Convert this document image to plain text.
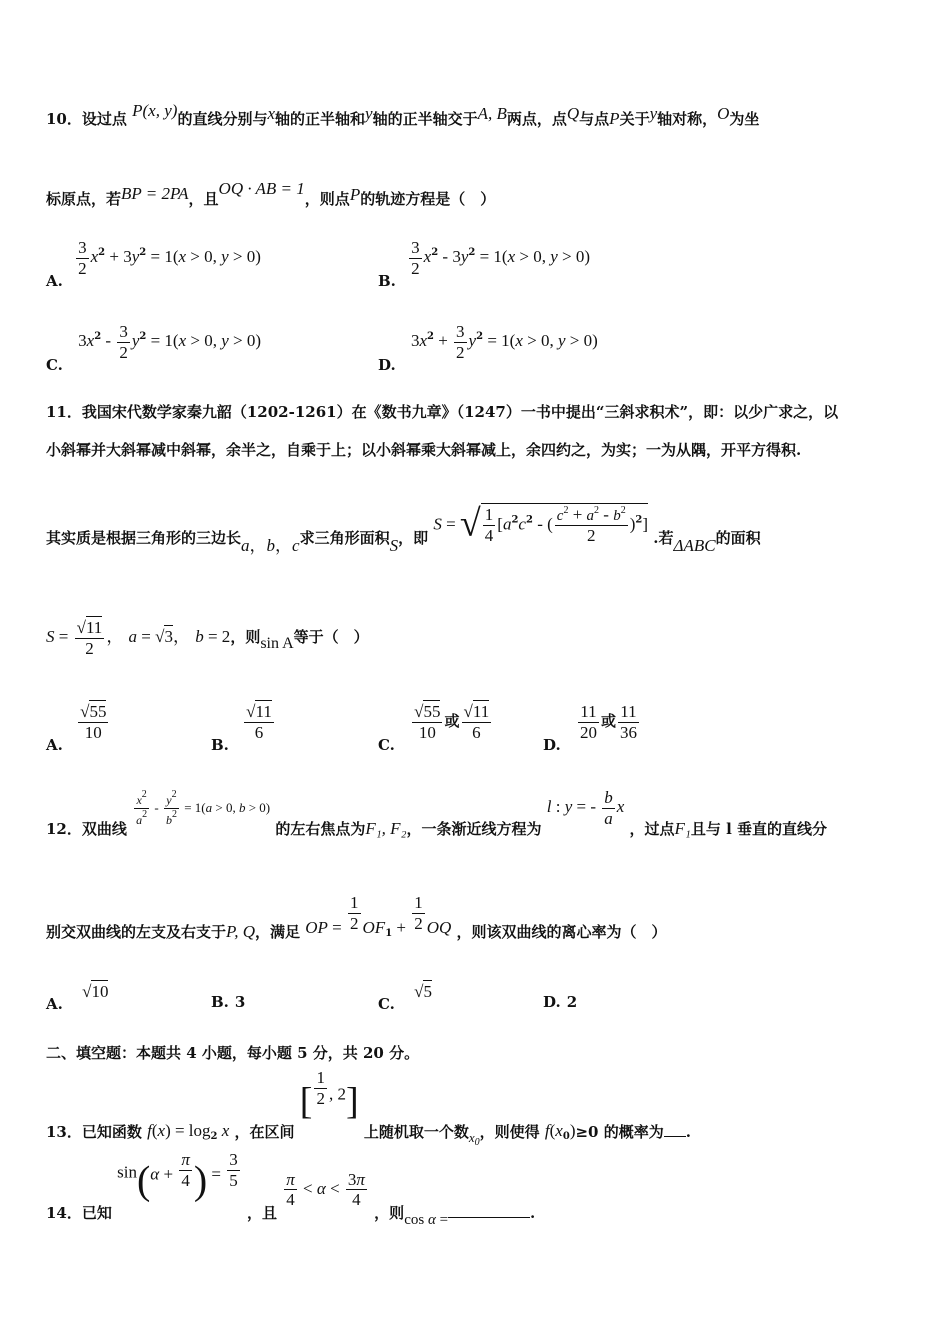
10．设过点 P(x, y)的直线分别与x轴的正半轴和y轴的正半轴交于A, B两点，点Q与点P关于y轴对称，O为坐
标原点，若BP = 2PA，且OQ · AB = 1，则点P的轨迹方程是（　）
A.
$\frac{3}{2} x^2 + 3y^2 = 1(x > 0$, y > 0)
B.
$\frac{3}{2} x^2 - 3y^2 = 1(x > 0$, y > 0)
C. $3x^2 - \frac{3}{2} y^2 = 1(x > 0$, y > 0)
D. $3x^2 + \frac{3}{2} y^2 = 1(x > 0$, y > 0)
11．我国宋代数学家秦九韶（1202-1261）在《数书九章》（1247）一书中提出“三斜求积术”，即：以少广求之，以
小斜幂并大斜幂减中斜幂，余半之，自乘于上；以小斜幂乘大斜幂减上，余四约之，为实；一为从隅，开平方得积.
其实质是根据三角形的三边长a，b，c求三角形面积S，即 S = √ $\frac{1}{4} [a^2c^2$ - ( $\frac{c^2 + a^2 - b^2}{2} )^2$] .若ΔABC的面积
$S = \frac{√11}{2}$ ， a = √3， b = 2，则sin A等于（　）
A.
$\frac{√55}{10}$
B.
$\frac{√11}{6}$
C.
$\frac{√55}{10}$ 或 $\frac{√11}{6}$
D.
$\frac{11}{20}$ 或 $\frac{11}{36}$
12．双曲线
$\frac{x^2}{a^2} - \frac{y^2}{b^2} = 1(a > 0$, b > 0) 的左右焦点为F₁, F₂，一条渐近线方程为 l : y = - $\frac{b}{a}$ x ，过点F₁且与 l 垂直的直线分
别交双曲线的左支及右支于P, Q，满足 OP = $\frac{1}{2} OF_1 + \frac{1}{2}$ OQ ，则该双曲线的离心率为（　）
A. √10
B. 3	C. √5
D. 2
二、填空题：本题共 4 小题，每小题 5 分，共 20 分。
13．已知函数 $f(x) = \log_2 x$ ，在区间 [ $\frac{1}{2}$ , 2] 上随机取一个数$x_0$，则使得 $f(x_0)\ge 0$ 的概率为 .
14．已知 $\sin(\alpha + \frac{\pi}{4}$ ) = $\frac{3}{5}$
，且
$\frac{\pi}{4} < \alpha < \frac{3\pi}{4}$
，则cos α =	.
